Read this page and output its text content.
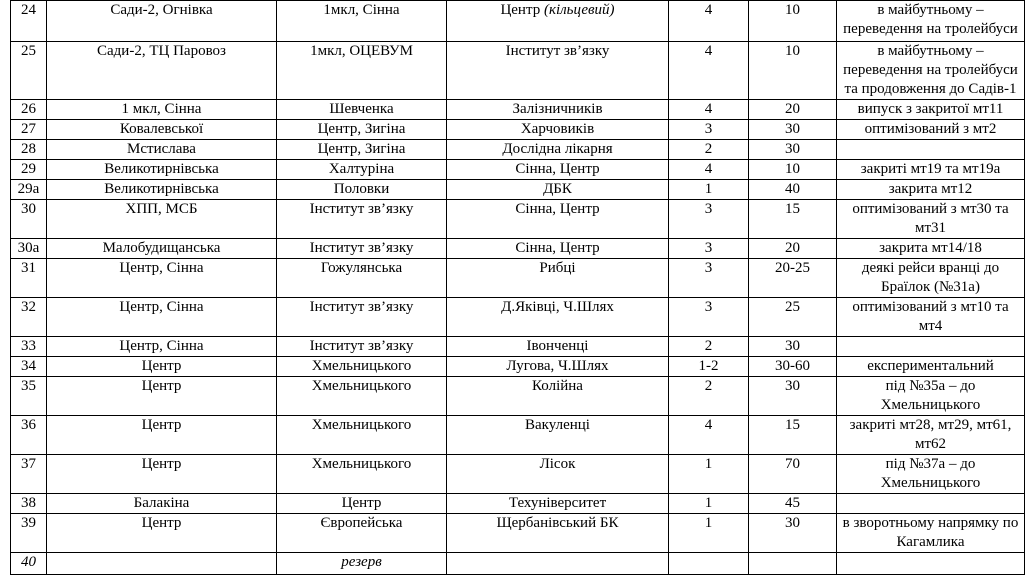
24	Сади-2, Огнівка	1мкл, Сінна	Центр (кільцевий)	4	10	в майбутньому – переведення на тролейбуси
25	Сади-2, ТЦ Паровоз	1мкл, ОЦЕВУМ	Інститут зв’язку	4	10	в майбутньому – переведення на тролейбуси та продовження до Садів-1
26	1 мкл, Сінна	Шевченка	Залізничників	4	20	випуск з закритої мт11
27	Ковалевської	Центр, Зигіна	Харчовиків	3	30	оптимізований з мт2
28	Мстислава	Центр, Зигіна	Дослідна лікарня	2	30	
29	Великотирнівська	Халтуріна	Сінна, Центр	4	10	закриті мт19 та мт19а
29а	Великотирнівська	Половки	ДБК	1	40	закрита мт12
30	ХПП, МСБ	Інститут зв’язку	Сінна, Центр	3	15	оптимізований з мт30 та мт31
30а	Малобудищанська	Інститут зв’язку	Сінна, Центр	3	20	закрита мт14/18
31	Центр, Сінна	Гожулянська	Рибці	3	20-25	деякі рейси вранці до Браїлок (№31а)
32	Центр, Сінна	Інститут зв’язку	Д.Яківці, Ч.Шлях	3	25	оптимізований з мт10 та мт4
33	Центр, Сінна	Інститут зв’язку	Івонченці	2	30	
34	Центр	Хмельницького	Лугова, Ч.Шлях	1-2	30-60	експериментальний
35	Центр	Хмельницького	Колійна	2	30	під №35а – до Хмельницького
36	Центр	Хмельницького	Вакуленці	4	15	закриті мт28, мт29, мт61, мт62
37	Центр	Хмельницького	Лісок	1	70	під №37а – до Хмельницького
38	Балакіна	Центр	Техуніверситет	1	45	
39	Центр	Європейська	Щербанівський БК	1	30	в зворотньому напрямку по Кагамлика
40		резерв				
